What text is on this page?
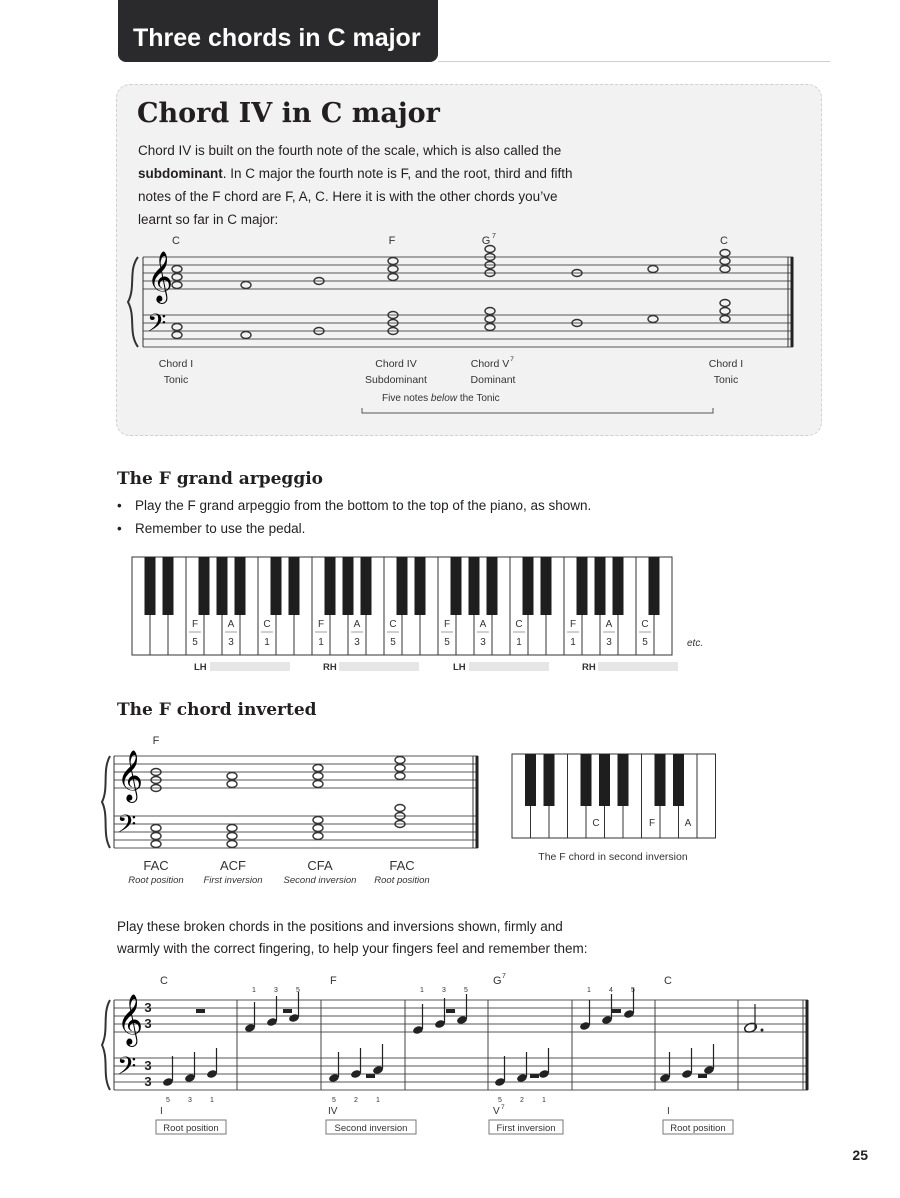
Three chords in C major
Chord IV in C major
Chord IV is built on the fourth note of the scale, which is also called the
subdominant. In C major the fourth note is F, and the root, third and fifth
notes of the F chord are F, A, C. Here it is with the other chords you’ve
learnt so far in C major:
𝄞
𝄢
C	F	G 7	C
Chord I
Tonic
Chord IV
Subdominant
Chord V 7
Dominant
Chord I
Tonic
Five notes below the Tonic
The F grand arpeggio
• Play the F grand arpeggio from the bottom to the top of the piano, as shown.
• Remember to use the pedal.
F
5
A
3
C
1
F
1
A
3
C
5
F
5
A
3
C
1
F
1
A
3
C
5	etc.
LH	RH	LH	RH
The F chord inverted
𝄞
𝄢
F
FAC
Root position
ACF
First inversion
CFA
Second inversion
FAC
Root position
C	F	A
The F chord in second inversion
Play these broken chords in the positions and inversions shown, firmly and
warmly with the correct fingering, to help your fingers feel and remember them:
𝄞
𝄢
3
3
3
3
C	F	G 7	C
1	3	5	1	3	5	1	4	5
5	3	1	5	2	1	5	2	1
I	IV	V 7	I
Root position	Second inversion	First inversion	Root position
25
